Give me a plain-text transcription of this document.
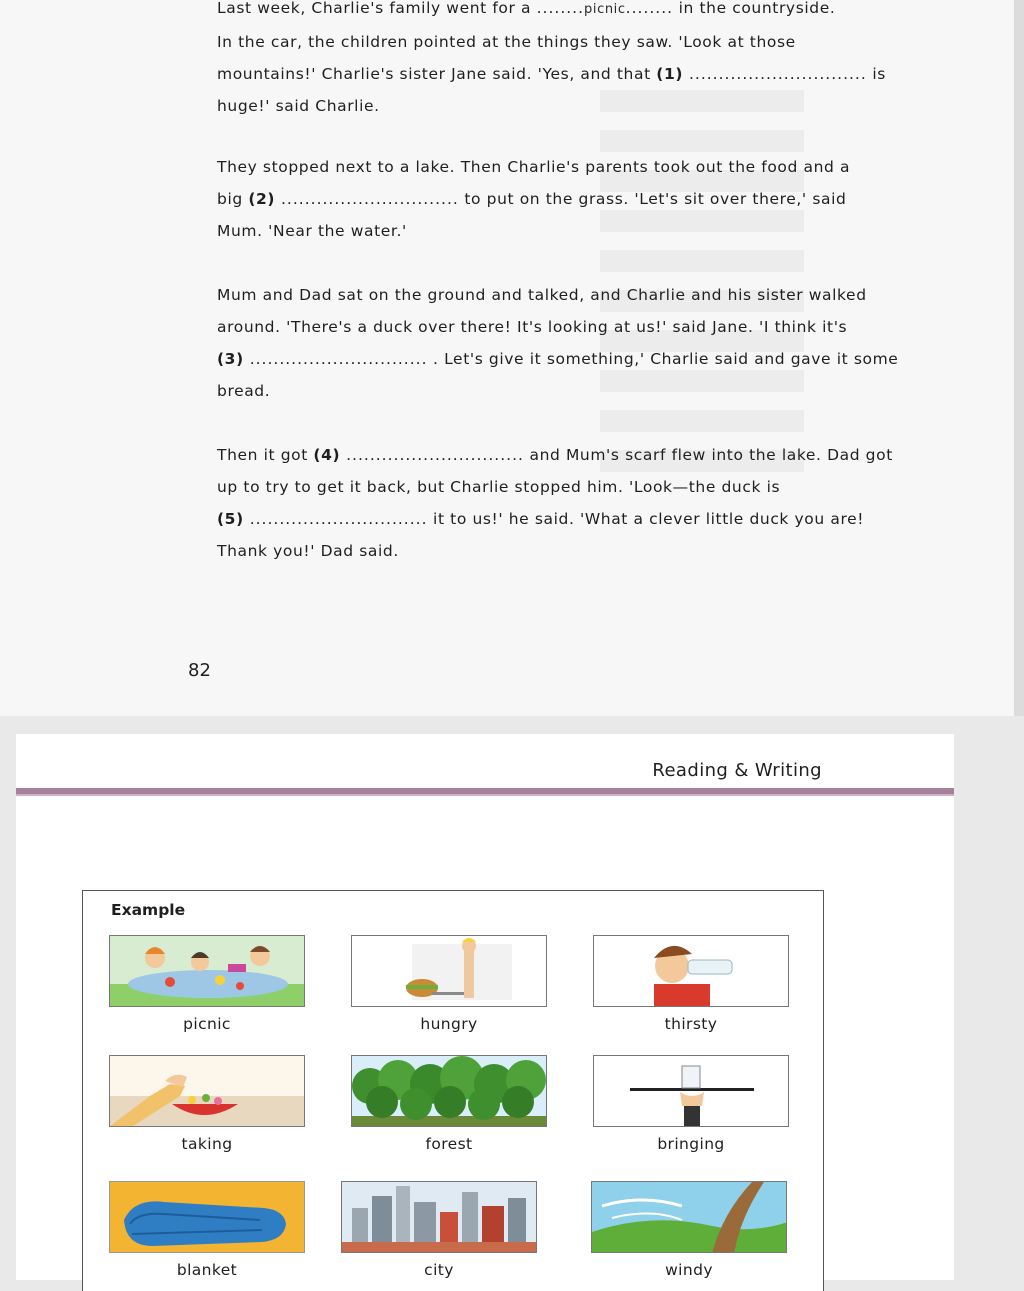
Last week, Charlie's family went for a ........picnic........ in the countryside.
In the car, the children pointed at the things they saw. 'Look at those
mountains!' Charlie's sister Jane said. 'Yes, and that (1) .............................. is
huge!' said Charlie.
They stopped next to a lake. Then Charlie's parents took out the food and a
big (2) .............................. to put on the grass. 'Let's sit over there,' said
Mum. 'Near the water.'
Mum and Dad sat on the ground and talked, and Charlie and his sister walked
around. 'There's a duck over there! It's looking at us!' said Jane. 'I think it's
(3) .............................. . Let's give it something,' Charlie said and gave it some
bread.
Then it got (4) .............................. and Mum's scarf flew into the lake. Dad got
up to try to get it back, but Charlie stopped him. 'Look—the duck is
(5) .............................. it to us!' he said. 'What a clever little duck you are!
Thank you!' Dad said.
82
Reading & Writing
Example
picnic	hungry	thirsty
taking	forest	bringing
blanket	city	windy
